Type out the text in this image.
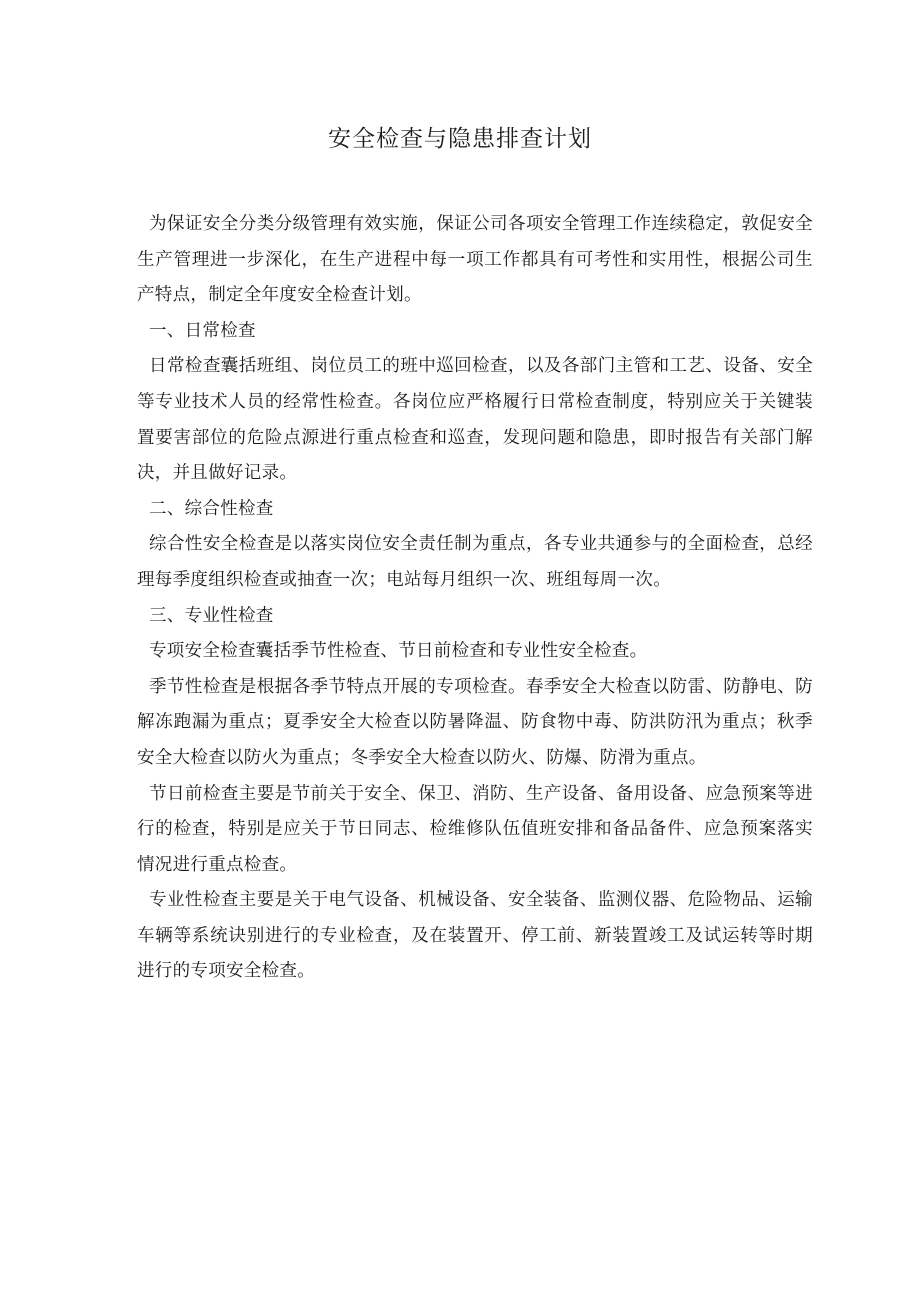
安全检查与隐患排查计划

为保证安全分类分级管理有效实施，保证公司各项安全管理工作连续稳定，敦促安全生产管理进一步深化，在生产进程中每一项工作都具有可考性和实用性，根据公司生产特点，制定全年度安全检查计划。

一、日常检查

日常检查囊括班组、岗位员工的班中巡回检查，以及各部门主管和工艺、设备、安全等专业技术人员的经常性检查。各岗位应严格履行日常检查制度，特别应关于关键装置要害部位的危险点源进行重点检查和巡查，发现问题和隐患，即时报告有关部门解决，并且做好记录。

二、综合性检查

综合性安全检查是以落实岗位安全责任制为重点，各专业共通参与的全面检查，总经理每季度组织检查或抽查一次；电站每月组织一次、班组每周一次。

三、专业性检查

专项安全检查囊括季节性检查、节日前检查和专业性安全检查。

季节性检查是根据各季节特点开展的专项检查。春季安全大检查以防雷、防静电、防解冻跑漏为重点；夏季安全大检查以防暑降温、防食物中毒、防洪防汛为重点；秋季安全大检查以防火为重点；冬季安全大检查以防火、防爆、防滑为重点。

节日前检查主要是节前关于安全、保卫、消防、生产设备、备用设备、应急预案等进行的检查，特别是应关于节日同志、检维修队伍值班安排和备品备件、应急预案落实情况进行重点检查。

专业性检查主要是关于电气设备、机械设备、安全装备、监测仪器、危险物品、运输车辆等系统诀别进行的专业检查，及在装置开、停工前、新装置竣工及试运转等时期进行的专项安全检查。
